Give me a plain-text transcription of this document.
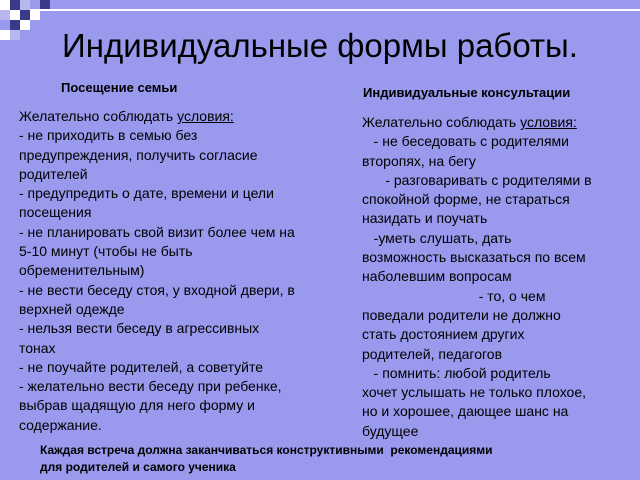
Индивидуальные формы работы.
Посещение семьи	Индивидуальные консультации
Желательно соблюдать условия:
- не приходить в семью без
предупреждения, получить согласие
родителей
- предупредить о дате, времени и цели
посещения
- не планировать свой визит более чем на
5-10 минут (чтобы не быть
обременительным)
- не вести беседу стоя, у входной двери, в
верхней одежде
- нельзя вести беседу в агрессивных
тонах
- не поучайте родителей, а советуйте
- желательно вести беседу при ребенке,
выбрав щадящую для него форму и
содержание.
Желательно соблюдать условия:
- не беседовать с родителями
второпях, на бегу
- разговаривать с родителями в
спокойной форме, не стараться
назидать и поучать
-уметь слушать, дать
возможность высказаться по всем
наболевшим вопросам
- то, о чем
поведали родители не должно
стать достоянием других
родителей, педагогов
- помнить: любой родитель
хочет услышать не только плохое,
но и хорошее, дающее шанс на
будущее
Каждая встреча должна заканчиваться конструктивными  рекомендациями
для родителей и самого ученика
